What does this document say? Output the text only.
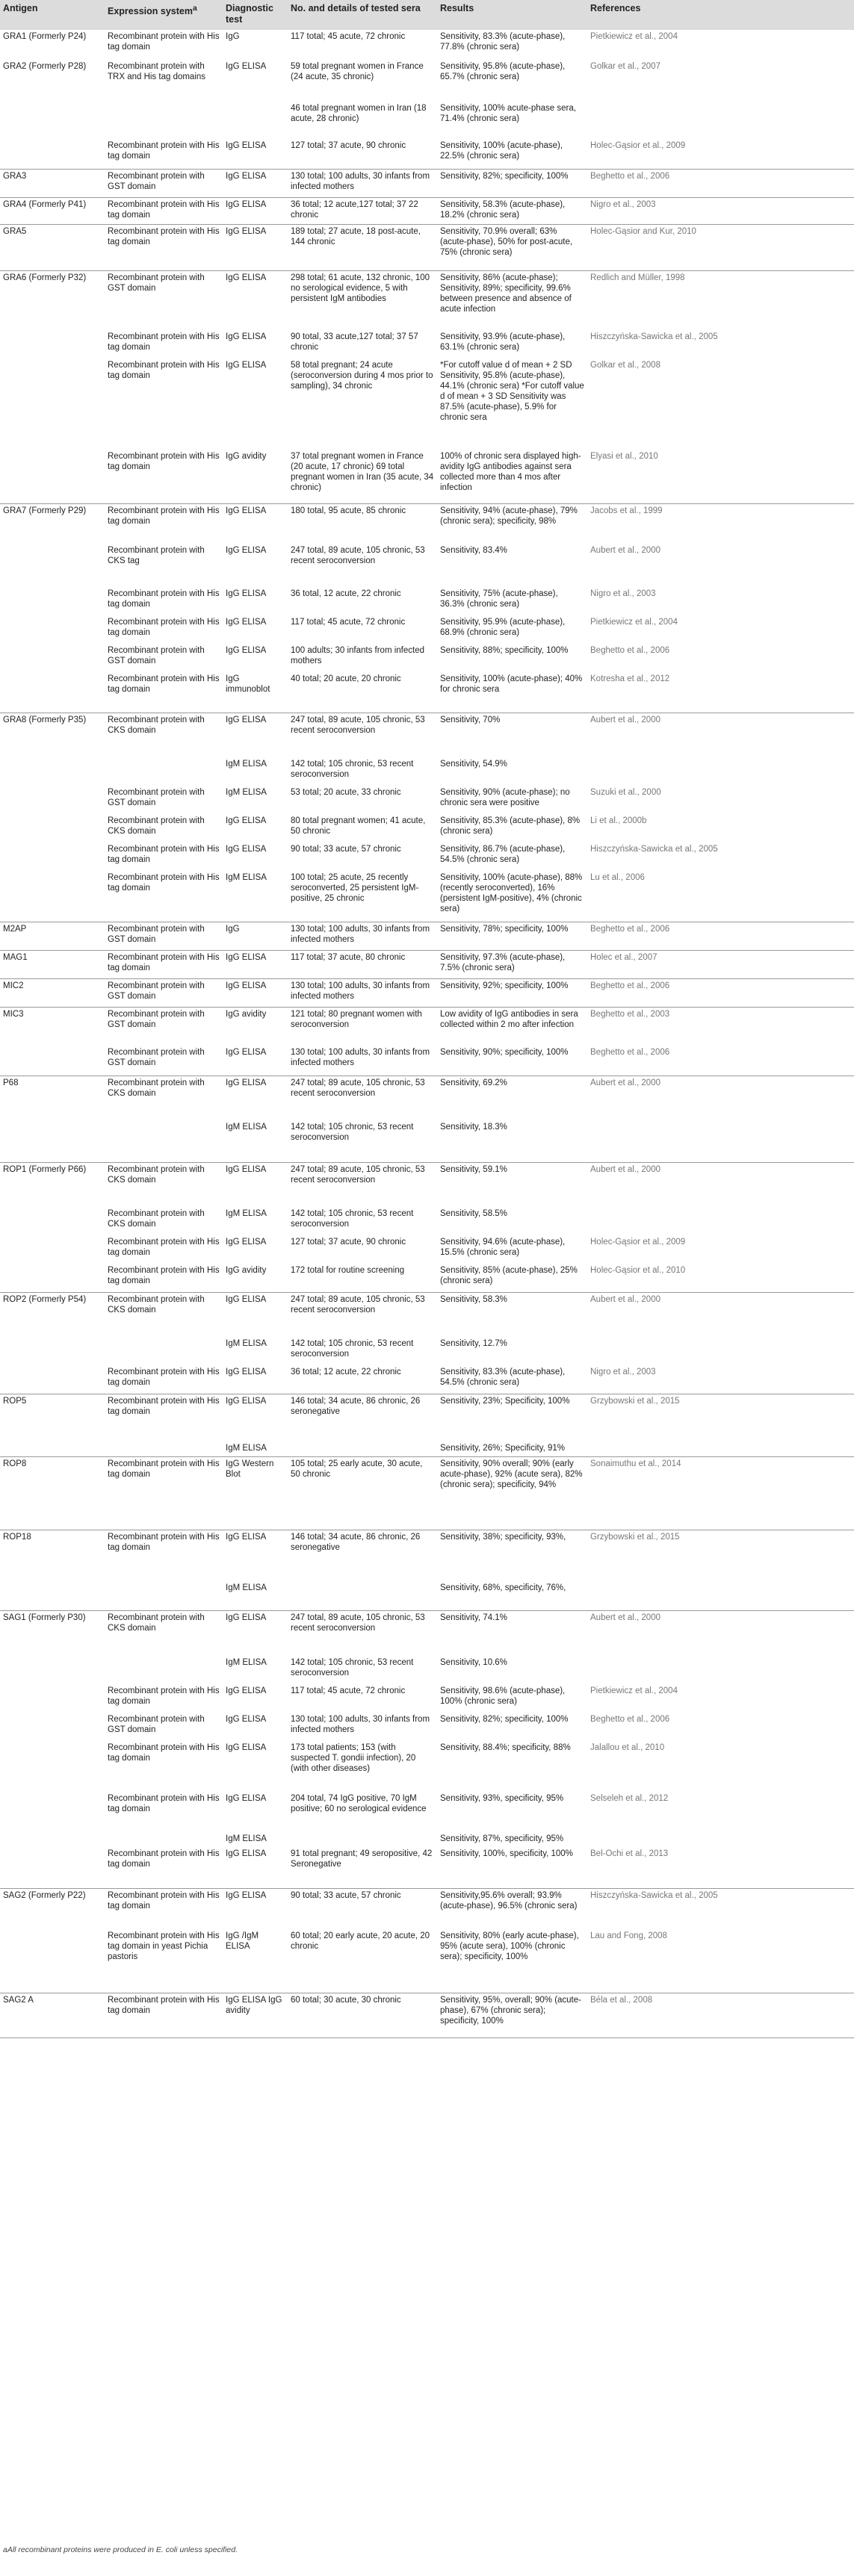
Antigen	Expression system$^a$	Diagnostic test	No. and details of tested sera	Results	References
GRA1 (Formerly P24)	Recombinant protein with His tag domain	IgG	117 total; 45 acute, 72 chronic	Sensitivity, 83.3% (acute-phase), 77.8% (chronic sera)	Pietkiewicz et al., 2004
GRA2 (Formerly P28)	Recombinant protein with TRX and His tag domains	IgG ELISA	59 total pregnant women in France (24 acute, 35 chronic)	Sensitivity, 95.8% (acute-phase), 65.7% (chronic sera)	Golkar et al., 2007
			46 total pregnant women in Iran (18 acute, 28 chronic)	Sensitivity, 100% acute-phase sera, 71.4% (chronic sera)	
	Recombinant protein with His tag domain	IgG ELISA	127 total; 37 acute, 90 chronic	Sensitivity, 100% (acute-phase), 22.5% (chronic sera)	Holec-Gąsior et al., 2009
GRA3	Recombinant protein with GST domain	IgG ELISA	130 total; 100 adults, 30 infants from infected mothers	Sensitivity, 82%; specificity, 100%	Beghetto et al., 2006
GRA4 (Formerly P41)	Recombinant protein with His tag domain	IgG ELISA	36 total; 12 acute,127 total; 37 22 chronic	Sensitivity, 58.3% (acute-phase), 18.2% (chronic sera)	Nigro et al., 2003
GRA5	Recombinant protein with His tag domain	IgG ELISA	189 total; 27 acute, 18 post-acute, 144 chronic	Sensitivity, 70.9% overall; 63% (acute-phase), 50% for post-acute, 75% (chronic sera)	Holec-Gąsior and Kur, 2010
GRA6 (Formerly P32)	Recombinant protein with GST domain	IgG ELISA	298 total; 61 acute, 132 chronic, 100 no serological evidence, 5 with persistent IgM antibodies	Sensitivity, 86% (acute-phase); Sensitivity, 89%; specificity, 99.6% between presence and absence of acute infection	Redlich and Müller, 1998
	Recombinant protein with His tag domain	IgG ELISA	90 total, 33 acute,127 total; 37 57 chronic	Sensitivity, 93.9% (acute-phase), 63.1% (chronic sera)	Hiszczyńska-Sawicka et al., 2005
	Recombinant protein with His tag domain	IgG ELISA	58 total pregnant; 24 acute (seroconversion during 4 mos prior to sampling), 34 chronic	*For cutoff value d of mean + 2 SD Sensitivity, 95.8% (acute-phase), 44.1% (chronic sera) *For cutoff value d of mean + 3 SD Sensitivity was 87.5% (acute-phase), 5.9% for chronic sera	Golkar et al., 2008
	Recombinant protein with His tag domain	IgG avidity	37 total pregnant women in France (20 acute, 17 chronic) 69 total pregnant women in Iran (35 acute, 34 chronic)	100% of chronic sera displayed high-avidity IgG antibodies against sera collected more than 4 mos after infection	Elyasi et al., 2010
GRA7 (Formerly P29)	Recombinant protein with His tag domain	IgG ELISA	180 total, 95 acute, 85 chronic	Sensitivity, 94% (acute-phase), 79% (chronic sera); specificity, 98%	Jacobs et al., 1999
	Recombinant protein with CKS tag	IgG ELISA	247 total, 89 acute, 105 chronic, 53 recent seroconversion	Sensitivity, 83.4%	Aubert et al., 2000
	Recombinant protein with His tag domain	IgG ELISA	36 total, 12 acute, 22 chronic	Sensitivity, 75% (acute-phase), 36.3% (chronic sera)	Nigro et al., 2003
	Recombinant protein with His tag domain	IgG ELISA	117 total; 45 acute, 72 chronic	Sensitivity, 95.9% (acute-phase), 68.9% (chronic sera)	Pietkiewicz et al., 2004
	Recombinant protein with GST domain	IgG ELISA	100 adults; 30 infants from infected mothers	Sensitivity, 88%; specificity, 100%	Beghetto et al., 2006
	Recombinant protein with His tag domain	IgG immunoblot	40 total; 20 acute, 20 chronic	Sensitivity, 100% (acute-phase); 40% for chronic sera	Kotresha et al., 2012
GRA8 (Formerly P35)	Recombinant protein with CKS domain	IgG ELISA	247 total, 89 acute, 105 chronic, 53 recent seroconversion	Sensitivity, 70%	Aubert et al., 2000
		IgM ELISA	142 total; 105 chronic, 53 recent seroconversion	Sensitivity, 54.9%	
	Recombinant protein with GST domain	IgM ELISA	53 total; 20 acute, 33 chronic	Sensitivity, 90% (acute-phase); no chronic sera were positive	Suzuki et al., 2000
	Recombinant protein with CKS domain	IgG ELISA	80 total pregnant women; 41 acute, 50 chronic	Sensitivity, 85.3% (acute-phase), 8% (chronic sera)	Li et al., 2000b
	Recombinant protein with His tag domain	IgG ELISA	90 total; 33 acute, 57 chronic	Sensitivity, 86.7% (acute-phase), 54.5% (chronic sera)	Hiszczyńska-Sawicka et al., 2005
	Recombinant protein with His tag domain	IgM ELISA	100 total; 25 acute, 25 recently seroconverted, 25 persistent IgM-positive, 25 chronic	Sensitivity, 100% (acute-phase), 88% (recently seroconverted), 16% (persistent IgM-positive), 4% (chronic sera)	Lu et al., 2006
M2AP	Recombinant protein with GST domain	IgG	130 total; 100 adults, 30 infants from infected mothers	Sensitivity, 78%; specificity, 100%	Beghetto et al., 2006
MAG1	Recombinant protein with His tag domain	IgG ELISA	117 total; 37 acute, 80 chronic	Sensitivity, 97.3% (acute-phase), 7.5% (chronic sera)	Holec et al., 2007
MIC2	Recombinant protein with GST domain	IgG ELISA	130 total; 100 adults, 30 infants from infected mothers	Sensitivity, 92%; specificity, 100%	Beghetto et al., 2006
MIC3	Recombinant protein with GST domain	IgG avidity	121 total; 80 pregnant women with seroconversion	Low avidity of IgG antibodies in sera collected within 2 mo after infection	Beghetto et al., 2003
	Recombinant protein with GST domain	IgG ELISA	130 total; 100 adults, 30 infants from infected mothers	Sensitivity, 90%; specificity, 100%	Beghetto et al., 2006
P68	Recombinant protein with CKS domain	IgG ELISA	247 total; 89 acute, 105 chronic, 53 recent seroconversion	Sensitivity, 69.2%	Aubert et al., 2000
		IgM ELISA	142 total; 105 chronic, 53 recent seroconversion	Sensitivity, 18.3%	
ROP1 (Formerly P66)	Recombinant protein with CKS domain	IgG ELISA	247 total; 89 acute, 105 chronic, 53 recent seroconversion	Sensitivity, 59.1%	Aubert et al., 2000
	Recombinant protein with CKS domain	IgM ELISA	142 total; 105 chronic, 53 recent seroconversion	Sensitivity, 58.5%	
	Recombinant protein with His tag domain	IgG ELISA	127 total; 37 acute, 90 chronic	Sensitivity, 94.6% (acute-phase), 15.5% (chronic sera)	Holec-Gąsior et al., 2009
	Recombinant protein with His tag domain	IgG avidity	172 total for routine screening	Sensitivity, 85% (acute-phase), 25% (chronic sera)	Holec-Gąsior et al., 2010
ROP2 (Formerly P54)	Recombinant protein with CKS domain	IgG ELISA	247 total; 89 acute, 105 chronic, 53 recent seroconversion	Sensitivity, 58.3%	Aubert et al., 2000
		IgM ELISA	142 total; 105 chronic, 53 recent seroconversion	Sensitivity, 12.7%	
	Recombinant protein with His tag domain	IgG ELISA	36 total; 12 acute, 22 chronic	Sensitivity, 83.3% (acute-phase), 54.5% (chronic sera)	Nigro et al., 2003
ROP5	Recombinant protein with His tag domain	IgG ELISA	146 total; 34 acute, 86 chronic, 26 seronegative	Sensitivity, 23%; Specificity, 100%	Grzybowski et al., 2015
		IgM ELISA		Sensitivity, 26%; Specificity, 91%	
ROP8	Recombinant protein with His tag domain	IgG Western Blot	105 total; 25 early acute, 30 acute, 50 chronic	Sensitivity, 90% overall; 90% (early acute-phase), 92% (acute sera), 82% (chronic sera); specificity, 94%	Sonaimuthu et al., 2014
ROP18	Recombinant protein with His tag domain	IgG ELISA	146 total; 34 acute, 86 chronic, 26 seronegative	Sensitivity, 38%; specificity, 93%,	Grzybowski et al., 2015
		IgM ELISA		Sensitivity, 68%, specificity, 76%,	
SAG1 (Formerly P30)	Recombinant protein with CKS domain	IgG ELISA	247 total, 89 acute, 105 chronic, 53 recent seroconversion	Sensitivity, 74.1%	Aubert et al., 2000
		IgM ELISA	142 total; 105 chronic, 53 recent seroconversion	Sensitivity, 10.6%	
	Recombinant protein with His tag domain	IgG ELISA	117 total; 45 acute, 72 chronic	Sensitivity, 98.6% (acute-phase), 100% (chronic sera)	Pietkiewicz et al., 2004
	Recombinant protein with GST domain	IgG ELISA	130 total; 100 adults, 30 infants from infected mothers	Sensitivity, 82%; specificity, 100%	Beghetto et al., 2006
	Recombinant protein with His tag domain	IgG ELISA	173 total patients; 153 (with suspected T. gondii infection), 20 (with other diseases)	Sensitivity, 88.4%; specificity, 88%	Jalallou et al., 2010
	Recombinant protein with His tag domain	IgG ELISA	204 total, 74 IgG positive, 70 IgM positive; 60 no serological evidence	Sensitivity, 93%, specificity, 95%	Selseleh et al., 2012
		IgM ELISA		Sensitivity, 87%, specificity, 95%	
	Recombinant protein with His tag domain	IgG ELISA	91 total pregnant; 49 seropositive, 42 Seronegative	Sensitivity, 100%, specificity, 100%	Bel-Ochi et al., 2013
SAG2 (Formerly P22)	Recombinant protein with His tag domain	IgG ELISA	90 total; 33 acute, 57 chronic	Sensitivity,95.6% overall; 93.9% (acute-phase), 96.5% (chronic sera)	Hiszczyńska-Sawicka et al., 2005
	Recombinant protein with His tag domain in yeast Pichia pastoris	IgG /IgM ELISA	60 total; 20 early acute, 20 acute, 20 chronic	Sensitivity, 80% (early acute-phase), 95% (acute sera), 100% (chronic sera); specificity, 100%	Lau and Fong, 2008
SAG2 A	Recombinant protein with His tag domain	IgG ELISA IgG avidity	60 total; 30 acute, 30 chronic	Sensitivity, 95%, overall; 90% (acute-phase), 67% (chronic sera); specificity, 100%	Béla et al., 2008
aAll recombinant proteins were produced in E. coli unless specified.
